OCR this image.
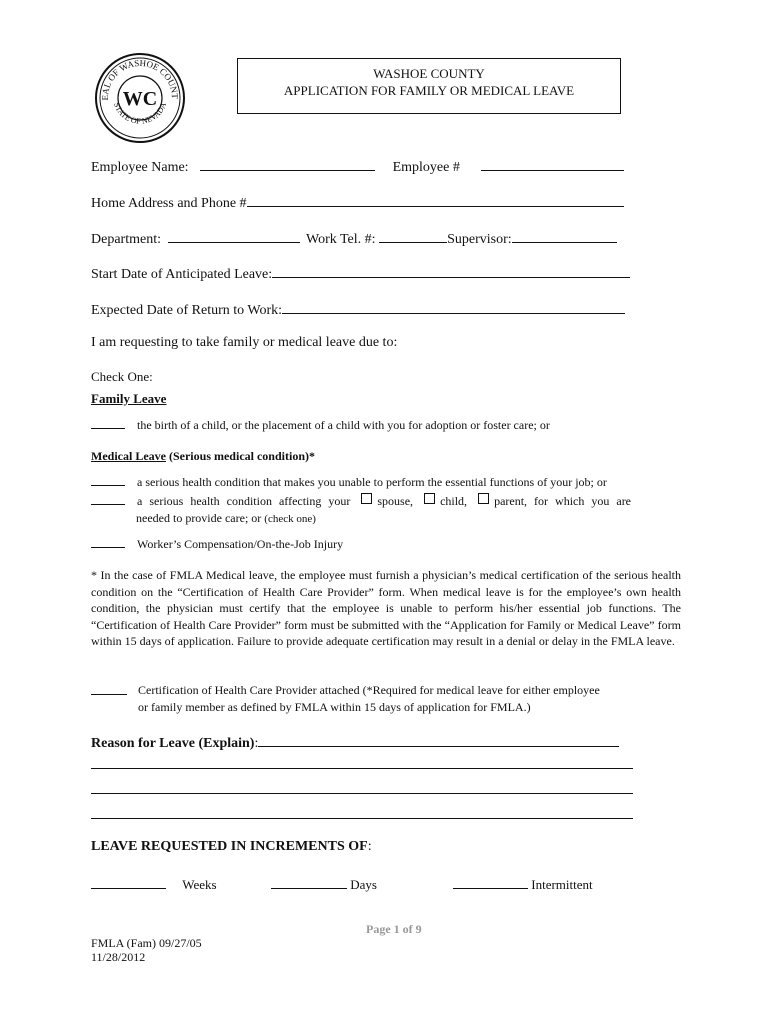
EAL OF WASHOE COUNT
STATE OF NEVADA
WC
WASHOE COUNTY
APPLICATION FOR FAMILY OR MEDICAL LEAVE
Employee Name:	Employee #
Home Address and Phone #
Department:	Work Tel. #:	Supervisor:
Start Date of Anticipated Leave:
Expected Date of Return to Work:
I am requesting to take family or medical leave due to:
Check One:
Family Leave
the birth of a child, or the placement of a child with you for adoption or foster care; or
Medical Leave (Serious medical condition)*
a serious health condition that makes you unable to perform the essential functions of your job; or
a serious health condition affecting your spouse, child, parent, for which you are
needed to provide care; or (check one)
Worker’s Compensation/On-the-Job Injury
* In the case of FMLA Medical leave, the employee must furnish a physician’s medical certification of the serious health condition on the “Certification of Health Care Provider” form. When medical leave is for the employee’s own health condition, the physician must certify that the employee is unable to perform his/her essential job functions. The “Certification of Health Care Provider” form must be submitted with the “Application for Family or Medical Leave” form within 15 days of application. Failure to provide adequate certification may result in a denial or delay in the FMLA leave.
Certification of Health Care Provider attached (*Required for medical leave for either employee
or family member as defined by FMLA within 15 days of application for FMLA.)
Reason for Leave (Explain):
LEAVE REQUESTED IN INCREMENTS OF:
Weeks	Days	Intermittent
Page 1 of 9
FMLA (Fam) 09/27/05
11/28/2012
